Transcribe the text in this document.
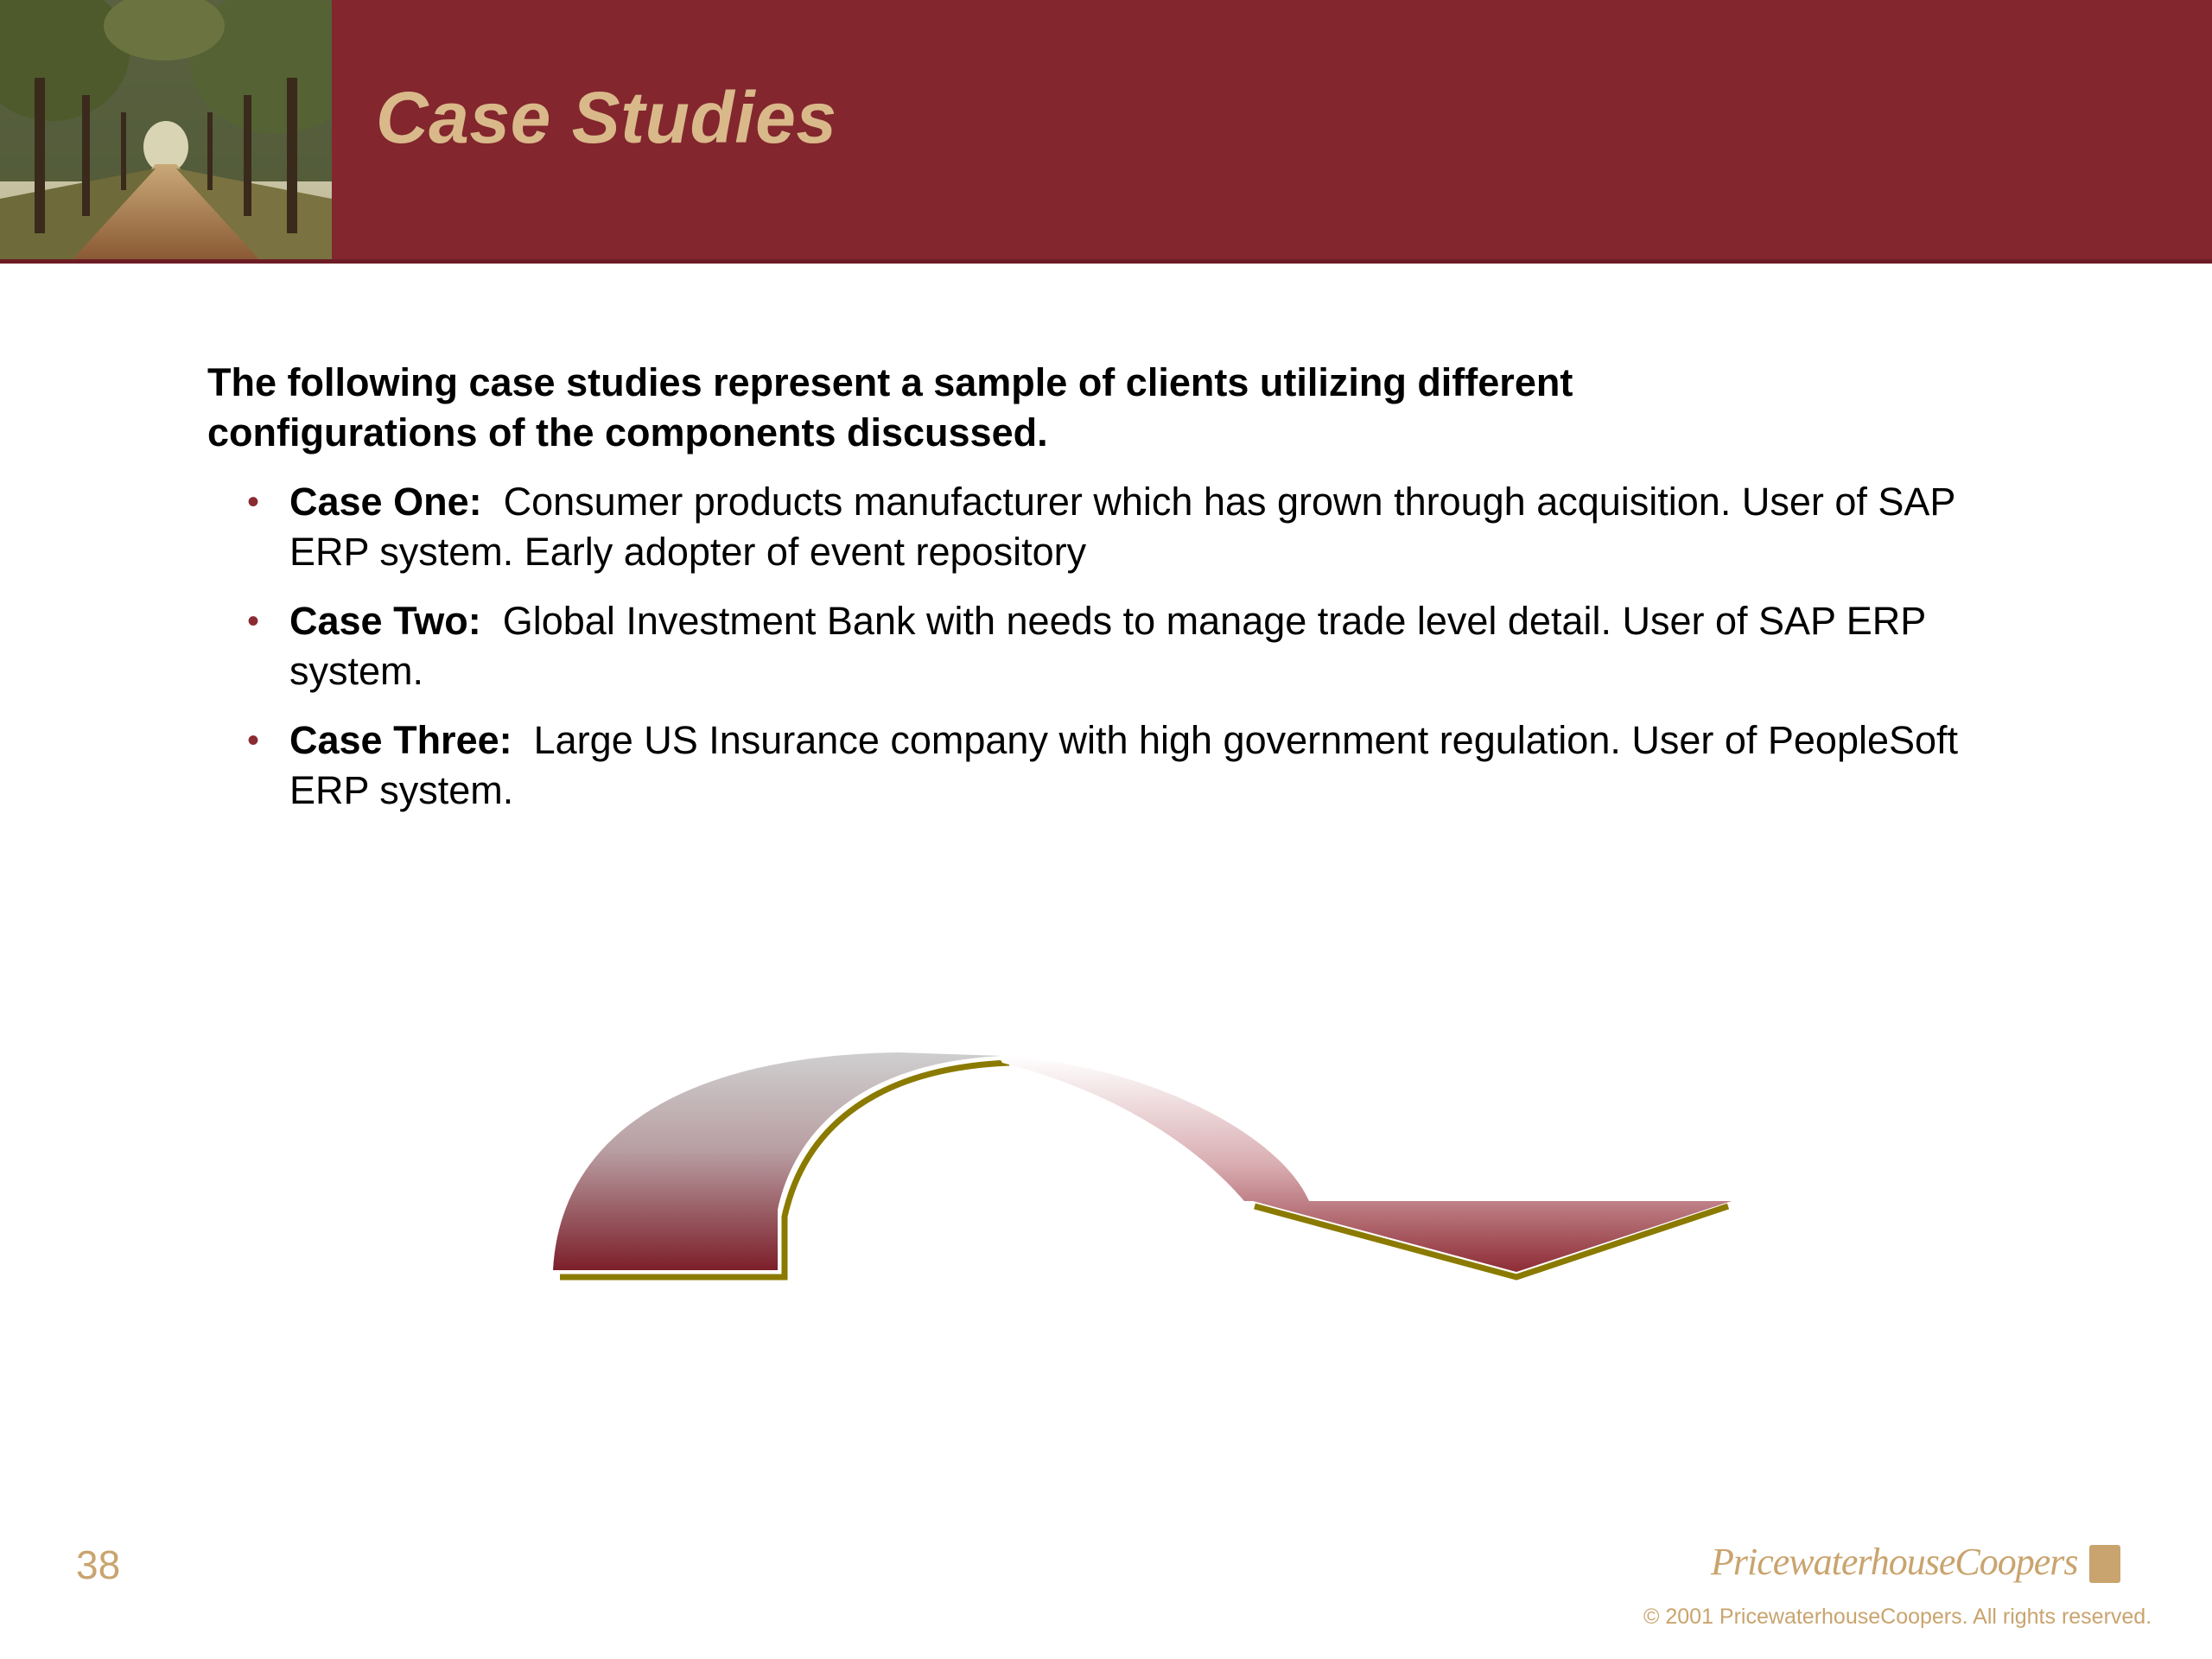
Case Studies
The following case studies represent a sample of clients utilizing different configurations of the components discussed.
• Case One: Consumer products manufacturer which has grown through acquisition. User of SAP ERP system. Early adopter of event repository
• Case Two: Global Investment Bank with needs to manage trade level detail. User of SAP ERP system.
• Case Three: Large US Insurance company with high government regulation. User of PeopleSoft ERP system.
38	PricewaterhouseCoopers
© 2001 PricewaterhouseCoopers. All rights reserved.
